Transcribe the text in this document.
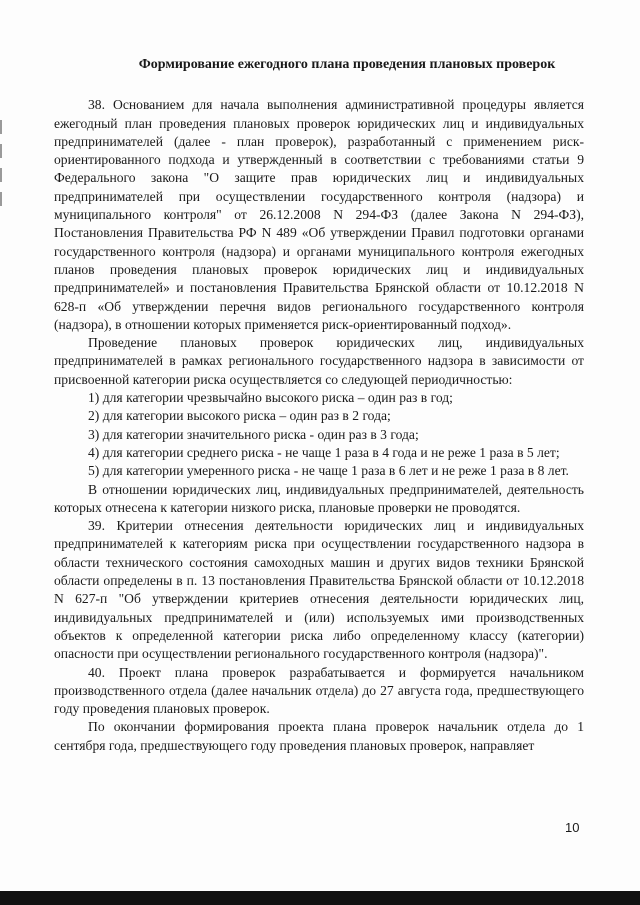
Формирование ежегодного плана проведения плановых проверок

38. Основанием для начала выполнения административной процедуры является ежегодный план проведения плановых проверок юридических лиц и индивидуальных предпринимателей (далее - план проверок), разработанный с применением риск-ориентированного подхода и утвержденный в соответствии с требованиями статьи 9 Федерального закона "О защите прав юридических лиц и индивидуальных предпринимателей при осуществлении государственного контроля (надзора) и муниципального контроля" от 26.12.2008 N 294-ФЗ (далее Закона N 294-ФЗ), Постановления Правительства РФ N 489 «Об утверждении Правил подготовки органами государственного контроля (надзора) и органами муниципального контроля ежегодных планов проведения плановых проверок юридических лиц и индивидуальных предпринимателей» и постановления Правительства Брянской области от 10.12.2018 N 628-п «Об утверждении перечня видов регионального государственного контроля (надзора), в отношении которых применяется риск-ориентированный подход».

Проведение плановых проверок юридических лиц, индивидуальных предпринимателей в рамках регионального государственного надзора в зависимости от присвоенной категории риска осуществляется со следующей периодичностью:

1) для категории чрезвычайно высокого риска – один раз в год;
2) для категории высокого риска – один раз в 2 года;
3) для категории значительного риска - один раз в 3 года;
4) для категории среднего риска - не чаще 1 раза в 4 года и не реже 1 раза в 5 лет;
5) для категории умеренного риска - не чаще 1 раза в 6 лет и не реже 1 раза в 8 лет.

В отношении юридических лиц, индивидуальных предпринимателей, деятельность которых отнесена к категории низкого риска, плановые проверки не проводятся.

39. Критерии отнесения деятельности юридических лиц и индивидуальных предпринимателей к категориям риска при осуществлении государственного надзора в области технического состояния самоходных машин и других видов техники Брянской области определены в п. 13 постановления Правительства Брянской области от 10.12.2018 N 627-п "Об утверждении критериев отнесения деятельности юридических лиц, индивидуальных предпринимателей и (или) используемых ими производственных объектов к определенной категории риска либо определенному классу (категории) опасности при осуществлении регионального государственного контроля (надзора)".

40. Проект плана проверок разрабатывается и формируется начальником производственного отдела (далее начальник отдела) до 27 августа года, предшествующего году проведения плановых проверок.

По окончании формирования проекта плана проверок начальник отдела до 1 сентября года, предшествующего году проведения плановых проверок, направляет

10
